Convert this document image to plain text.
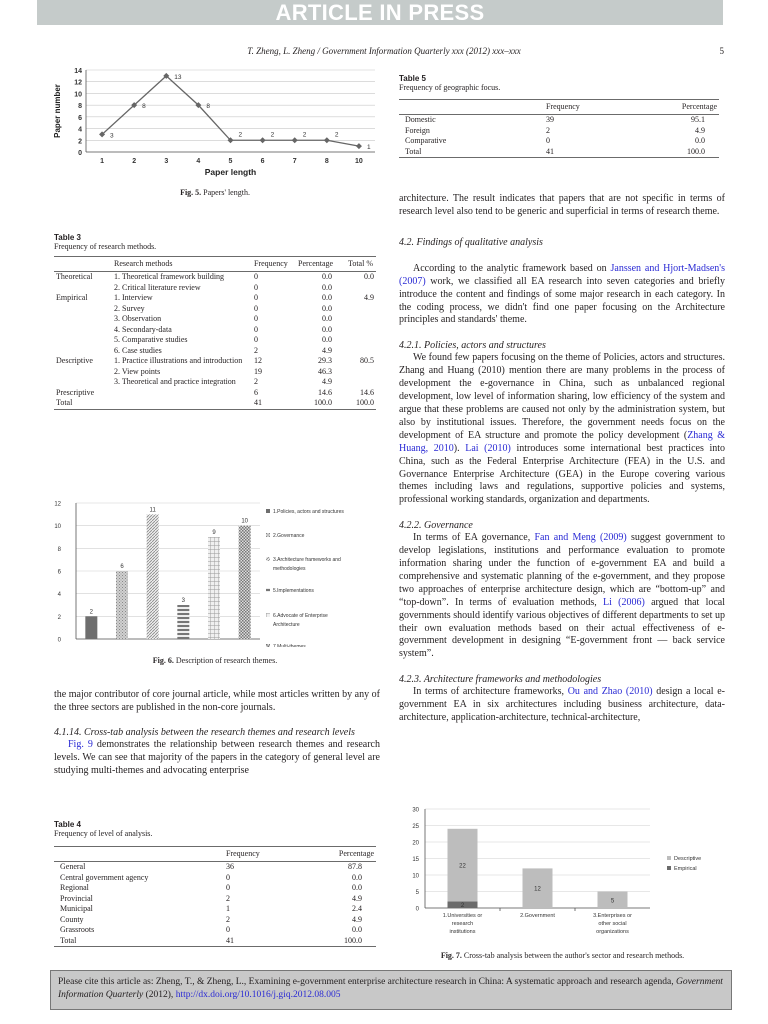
ARTICLE IN PRESS
T. Zheng, L. Zheng / Government Information Quarterly xxx (2012) xxx–xxx	5
0
2
4
6
8
10
12
14
1	2	3	4	5	6	7	8	10
3
8
13
8
2	2	2	2
1
Paper number
Paper length
Fig. 5. Papers' length.
Table 3
Frequency of research methods.
	Research methods	Frequency	Percentage	Total %
Theoretical	1. Theoretical framework building	0	0.0	0.0
	2. Critical literature review	0	0.0	
Empirical	1. Interview	0	0.0	4.9
	2. Survey	0	0.0	
	3. Observation	0	0.0	
	4. Secondary-data	0	0.0	
	5. Comparative studies	0	0.0	
	6. Case studies	2	4.9	
Descriptive	1. Practice illustrations and introduction	12	29.3	80.5
	2. View points	19	46.3	
	3. Theoretical and practice integration	2	4.9	
Prescriptive		6	14.6	14.6
Total		41	100.0	100.0
0
2
4
6
8
10
12
2
6
11
3
9
10
1.Policies, actors and structures
2.Governance
3.Architecture frameworks and
methodologies
5.Implementations
6.Advocate of Enterprise
Architecture
7.Multi-themes
Fig. 6. Description of research themes.
the major contributor of core journal article, while most articles written by any of the three sectors are published in the non-core journals.
4.1.14. Cross-tab analysis between the research themes and research levels

Fig. 9 demonstrates the relationship between research themes and research levels. We can see that majority of the papers in the category of general level are studying multi-themes and advocating enterprise

Table 4
Frequency of level of analysis.
	Frequency	Percentage
General	36	87.8
Central government agency	0	0.0
Regional	0	0.0
Provincial	2	4.9
Municipal	1	2.4
County	2	4.9
Grassroots	0	0.0
Total	41	100.0
Table 5
Frequency of geographic focus.
	Frequency	Percentage
Domestic	39	95.1
Foreign	2	4.9
Comparative	0	0.0
Total	41	100.0
architecture. The result indicates that papers that are not specific in terms of research level also tend to be generic and superficial in terms of research theme.
4.2. Findings of qualitative analysis

According to the analytic framework based on Janssen and Hjort-Madsen's (2007) work, we classified all EA research into seven categories and briefly introduce the content and findings of some major research in each category. In the coding process, we didn't find one paper focusing on the Architecture principles and standards' theme.

4.2.1. Policies, actors and structures

We found few papers focusing on the theme of Policies, actors and structures. Zhang and Huang (2010) mention there are many problems in the process of development the e-governance in China, such as unbalanced regional development, low level of information sharing, low efficiency of the system and argue that these problems are caused not only by the administration system, but also by institutional issues. Therefore, the government needs focus on the development of EA structure and promote the policy development (Zhang & Huang, 2010). Lai (2010) introduces some international best practices into China, such as the Federal Enterprise Architecture (FEA) in the U.S. and Governance Enterprise Architecture (GEA) in the Europe covering various themes including laws and regulations, supportive policies and systems, professional working standards, organization and departments.

4.2.2. Governance

In terms of EA governance, Fan and Meng (2009) suggest government to develop legislations, institutions and performance evaluation to promote information sharing under the function of e-government EA and build a comprehensive and systematic planning of the e-government, and they propose two approaches of enterprise architecture design, which are “bottom-up” and “top-down”. In terms of evaluation methods, Li (2006) argued that local governments should identify various objectives of different departments to set up their own evaluation methods based on their actual effectiveness of e-government development in designing “E-government front — back service system”.

4.2.3. Architecture frameworks and methodologies

In terms of architecture frameworks, Ou and Zhao (2010) design a local e-government EA in six architectures including business architecture, data-architecture, application-architecture, technical-architecture,

0
5
10
15
20
25
30
2
22
1.Universities or
research
institutions
12
2.Government
5
3.Enterprises or
other social
organizations
Descriptive
Empirical
Fig. 7. Cross-tab analysis between the author's sector and research methods.
Please cite this article as: Zheng, T., & Zheng, L., Examining e-government enterprise architecture research in China: A systematic approach and research agenda, Government Information Quarterly (2012), http://dx.doi.org/10.1016/j.giq.2012.08.005
